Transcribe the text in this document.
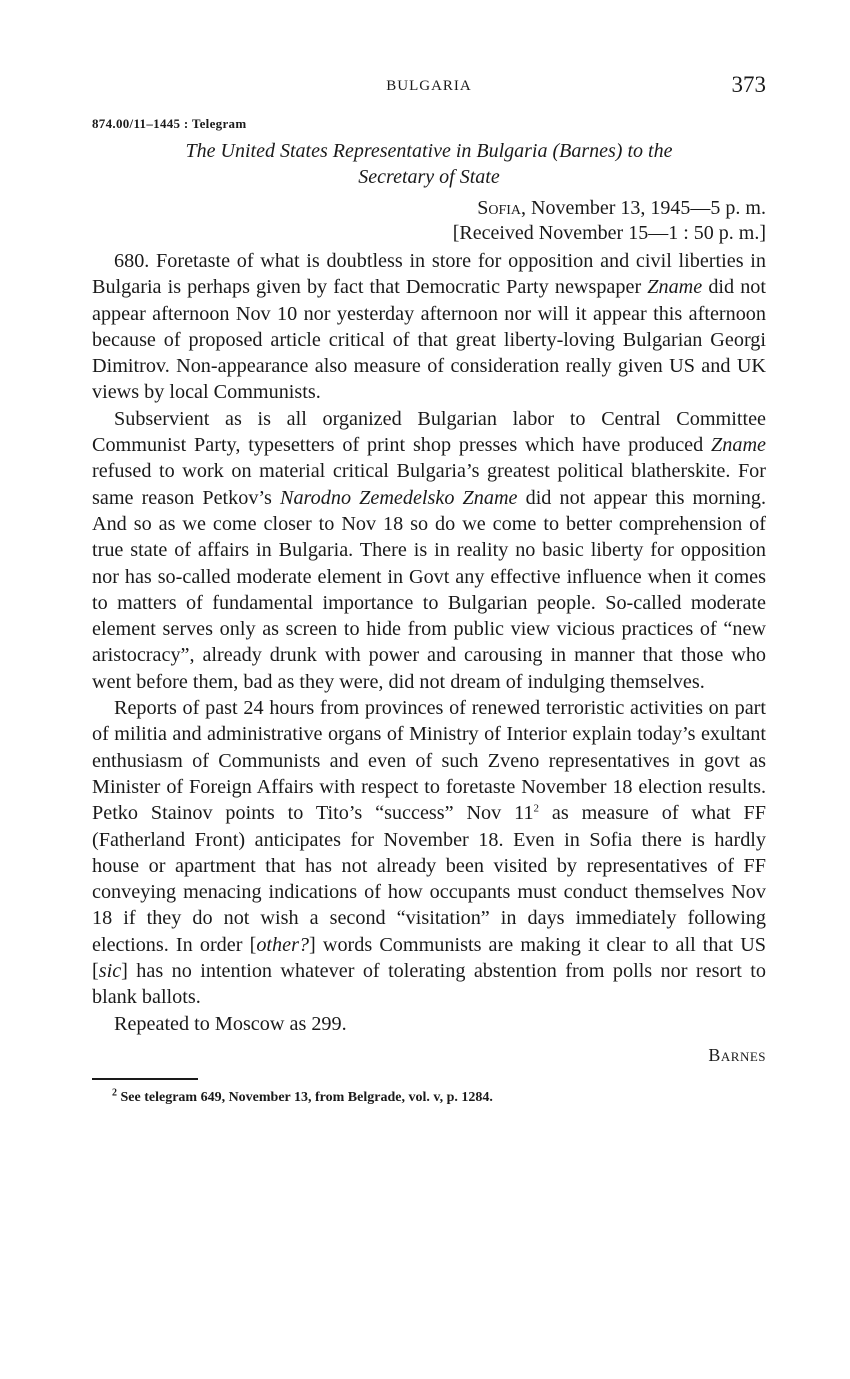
BULGARIA	373
874.00/11–1445 : Telegram
The United States Representative in Bulgaria (Barnes) to the
Secretary of State
Sofia, November 13, 1945—5 p. m.
[Received November 15—1 : 50 p. m.]

680. Foretaste of what is doubtless in store for opposition and civil liberties in Bulgaria is perhaps given by fact that Democratic Party newspaper Zname did not appear afternoon Nov 10 nor yesterday afternoon nor will it appear this afternoon because of proposed article critical of that great liberty-loving Bulgarian Georgi Dimitrov. Non-appearance also measure of consideration really given US and UK views by local Communists.

Subservient as is all organized Bulgarian labor to Central Committee Communist Party, typesetters of print shop presses which have produced Zname refused to work on material critical Bulgaria’s greatest political blatherskite. For same reason Petkov’s Narodno Zemedelsko Zname did not appear this morning. And so as we come closer to Nov 18 so do we come to better comprehension of true state of affairs in Bulgaria. There is in reality no basic liberty for opposition nor has so-called moderate element in Govt any effective influence when it comes to matters of fundamental importance to Bulgarian people. So-called moderate element serves only as screen to hide from public view vicious practices of “new aristocracy”, already drunk with power and carousing in manner that those who went before them, bad as they were, did not dream of indulging themselves.

Reports of past 24 hours from provinces of renewed terroristic activities on part of militia and administrative organs of Ministry of Interior explain today’s exultant enthusiasm of Communists and even of such Zveno representatives in govt as Minister of Foreign Affairs with respect to foretaste November 18 election results. Petko Stainov points to Tito’s “success” Nov $11^2$ as measure of what FF (Fatherland Front) anticipates for November 18. Even in Sofia there is hardly house or apartment that has not already been visited by representatives of FF conveying menacing indications of how occupants must conduct themselves Nov 18 if they do not wish a second “visitation” in days immediately following elections. In order [other?] words Communists are making it clear to all that US [sic] has no intention whatever of tolerating abstention from polls nor resort to blank ballots.

Repeated to Moscow as 299.

Barnes
$^2$ See telegram 649, November 13, from Belgrade, vol. v, p. 1284.
